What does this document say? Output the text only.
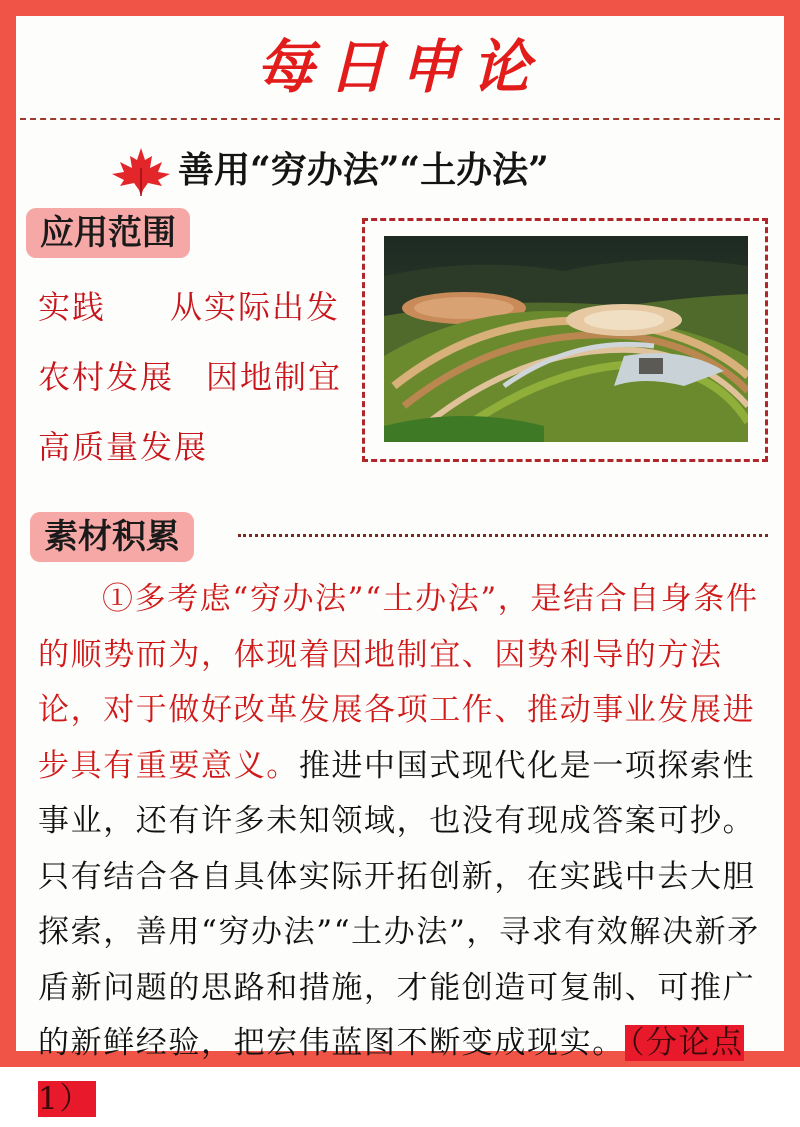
每日申论
善用“穷办法”“土办法”
应用范围
实践 从实际出发
农村发展 因地制宜
高质量发展
素材积累
①多考虑“穷办法”“土办法”，是结合自身条件的顺势而为，体现着因地制宜、因势利导的方法论，对于做好改革发展各项工作、推动事业发展进步具有重要意义。推进中国式现代化是一项探索性事业，还有许多未知领域，也没有现成答案可抄。只有结合各自具体实际开拓创新，在实践中去大胆探索，善用“穷办法”“土办法”，寻求有效解决新矛盾新问题的思路和措施，才能创造可复制、可推广的新鲜经验，把宏伟蓝图不断变成现实。 （分论点1）
